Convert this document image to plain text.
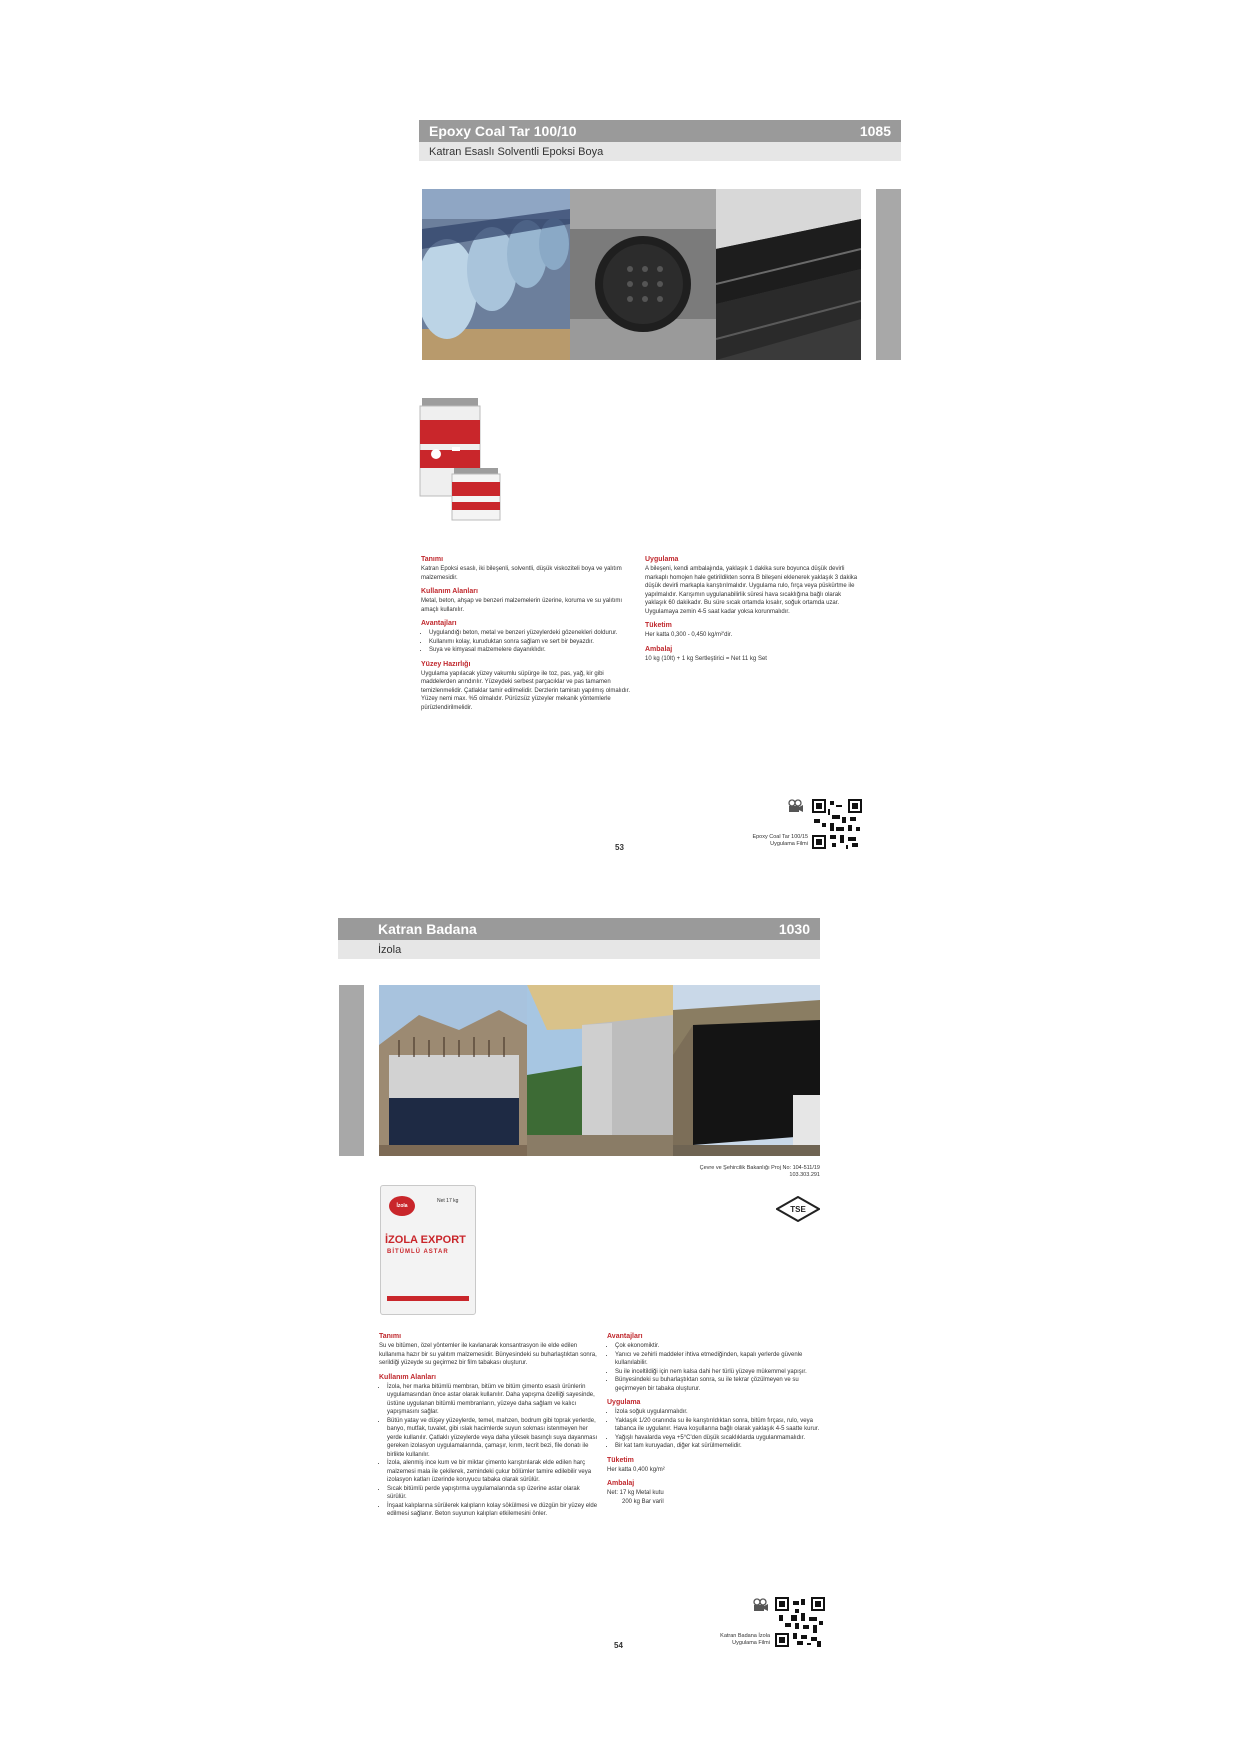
Epoxy Coal Tar 100/10	1085
Katran Esaslı Solventli Epoksi Boya
Tanımı

Katran Epoksi esaslı, iki bileşenli, solventli, düşük viskoziteli boya ve yalıtım malzemesidir.

Kullanım Alanları

Metal, beton, ahşap ve benzeri malzemelerin üzerine, koruma ve su yalıtımı amaçlı kullanılır.

Avantajları
• Uygulandığı beton, metal ve benzeri yüzeylerdeki gözenekleri doldurur.
• Kullanımı kolay, kuruduktan sonra sağlam ve sert bir beyazdır.
• Suya ve kimyasal malzemelere dayanıklıdır.
Yüzey Hazırlığı

Uygulama yapılacak yüzey vakumlu süpürge ile toz, pas, yağ, kir gibi maddelerden arındırılır. Yüzeydeki serbest parçacıklar ve pas tamamen temizlenmelidir. Çatlaklar tamir edilmelidir. Derzlerin tamiratı yapılmış olmalıdır. Yüzey nemi max. %5 olmalıdır. Pürüzsüz yüzeyler mekanik yöntemlerle pürüzlendirilmelidir.

Uygulama

A bileşeni, kendi ambalajında, yaklaşık 1 dakika sure boyunca düşük devirli markaplı homojen hale getirildikten sonra B bileşeni eklenerek yaklaşık 3 dakika düşük devirli markapla karıştırılmalıdır. Uygulama rulo, fırça veya püskürtme ile yapılmalıdır. Karışımın uygulanabilirlik süresi hava sıcaklığına bağlı olarak yaklaşık 60 dakikadır. Bu süre sıcak ortamda kısalır, soğuk ortamda uzar. Uygulamaya zemin 4-5 saat kadar yoksa korunmalıdır.

Tüketim

Her katta 0,300 - 0,450 kg/m²'dir.

Ambalaj

10 kg (10lt) + 1 kg Sertleştirici = Net 11 kg Set

Epoxy Coal Tar 100/15
Uygulama Filmi
53
Katran Badana	1030
İzola
Çevre ve Şehircilik Bakanlığı Proj No: 104-511/19
103.303.291
TSE
İzola
Net 17 kg
İZOLA EXPORT
BİTÜMLÜ ASTAR
Tanımı

Su ve bitümen, özel yöntemler ile kavlanarak konsantrasyon ile elde edilen kullanıma hazır bir su yalıtım malzemesidir. Bünyesindeki su buharlaştıktan sonra, serildiği yüzeyde su geçirmez bir film tabakası oluşturur.

Kullanım Alanları
• İzola, her marka bitümlü membran, bitüm ve bitüm çimento esaslı ürünlerin uygulamasından önce astar olarak kullanılır. Daha yapışma özelliği sayesinde, üstüne uygulanan bitümlü membranların, yüzeye daha sağlam ve kalıcı yapışmasını sağlar.
• Bütün yatay ve düşey yüzeylerde, temel, mahzen, bodrum gibi toprak yerlerde, banyo, mutfak, tuvalet, gibi ıslak hacimlerde suyun sokması istenmeyen her yerde kullanılır. Çatlaklı yüzeylerde veya daha yüksek basınçlı suya dayanması gereken izolasyon uygulamalarında, çamaşır, kırım, tecrit bezi, file donatı ile birlikte kullanılır.
• İzola, alenmiş ince kum ve bir miktar çimento karıştırılarak elde edilen harç malzemesi mala ile çekilerek, zemindeki çukur bölümler tamire edilebilir veya izolasyon katları üzerinde koruyucu tabaka olarak sürülür.
• Sıcak bitümlü perde yapıştırma uygulamalarında sıp üzerine astar olarak sürülür.
• İnşaat kalıplarına sürülerek kalıpların kolay sökülmesi ve düzgün bir yüzey elde edilmesi sağlanır. Beton suyunun kalıpları etkilemesini önler.
Avantajları
• Çok ekonomiktir.
• Yanıcı ve zehirli maddeler ihtiva etmediğinden, kapalı yerlerde güvenle kullanılabilir.
• Su ile inceltildiği için nem kalsa dahi her türlü yüzeye mükemmel yapışır.
• Bünyesindeki su buharlaştıktan sonra, su ile tekrar çözülmeyen ve su geçirmeyen bir tabaka oluşturur.
Uygulama
• İzola soğuk uygulanmalıdır.
• Yaklaşık 1/20 oranında su ile karıştırıldıktan sonra, bitüm fırçası, rulo, veya tabanca ile uygulanır. Hava koşullarına bağlı olarak yaklaşık 4-5 saatte kurur.
• Yağışlı havalarda veya +5°C'den düşük sıcaklıklarda uygulanmamalıdır.
• Bir kat tam kuruyadan, diğer kat sürülmemelidir.
Tüketim

Her katta 0,400 kg/m²

Ambalaj

Net: 17 kg Metal kutu

200 kg Bar varil

Katran Badana İzola
Uygulama Filmi
54
